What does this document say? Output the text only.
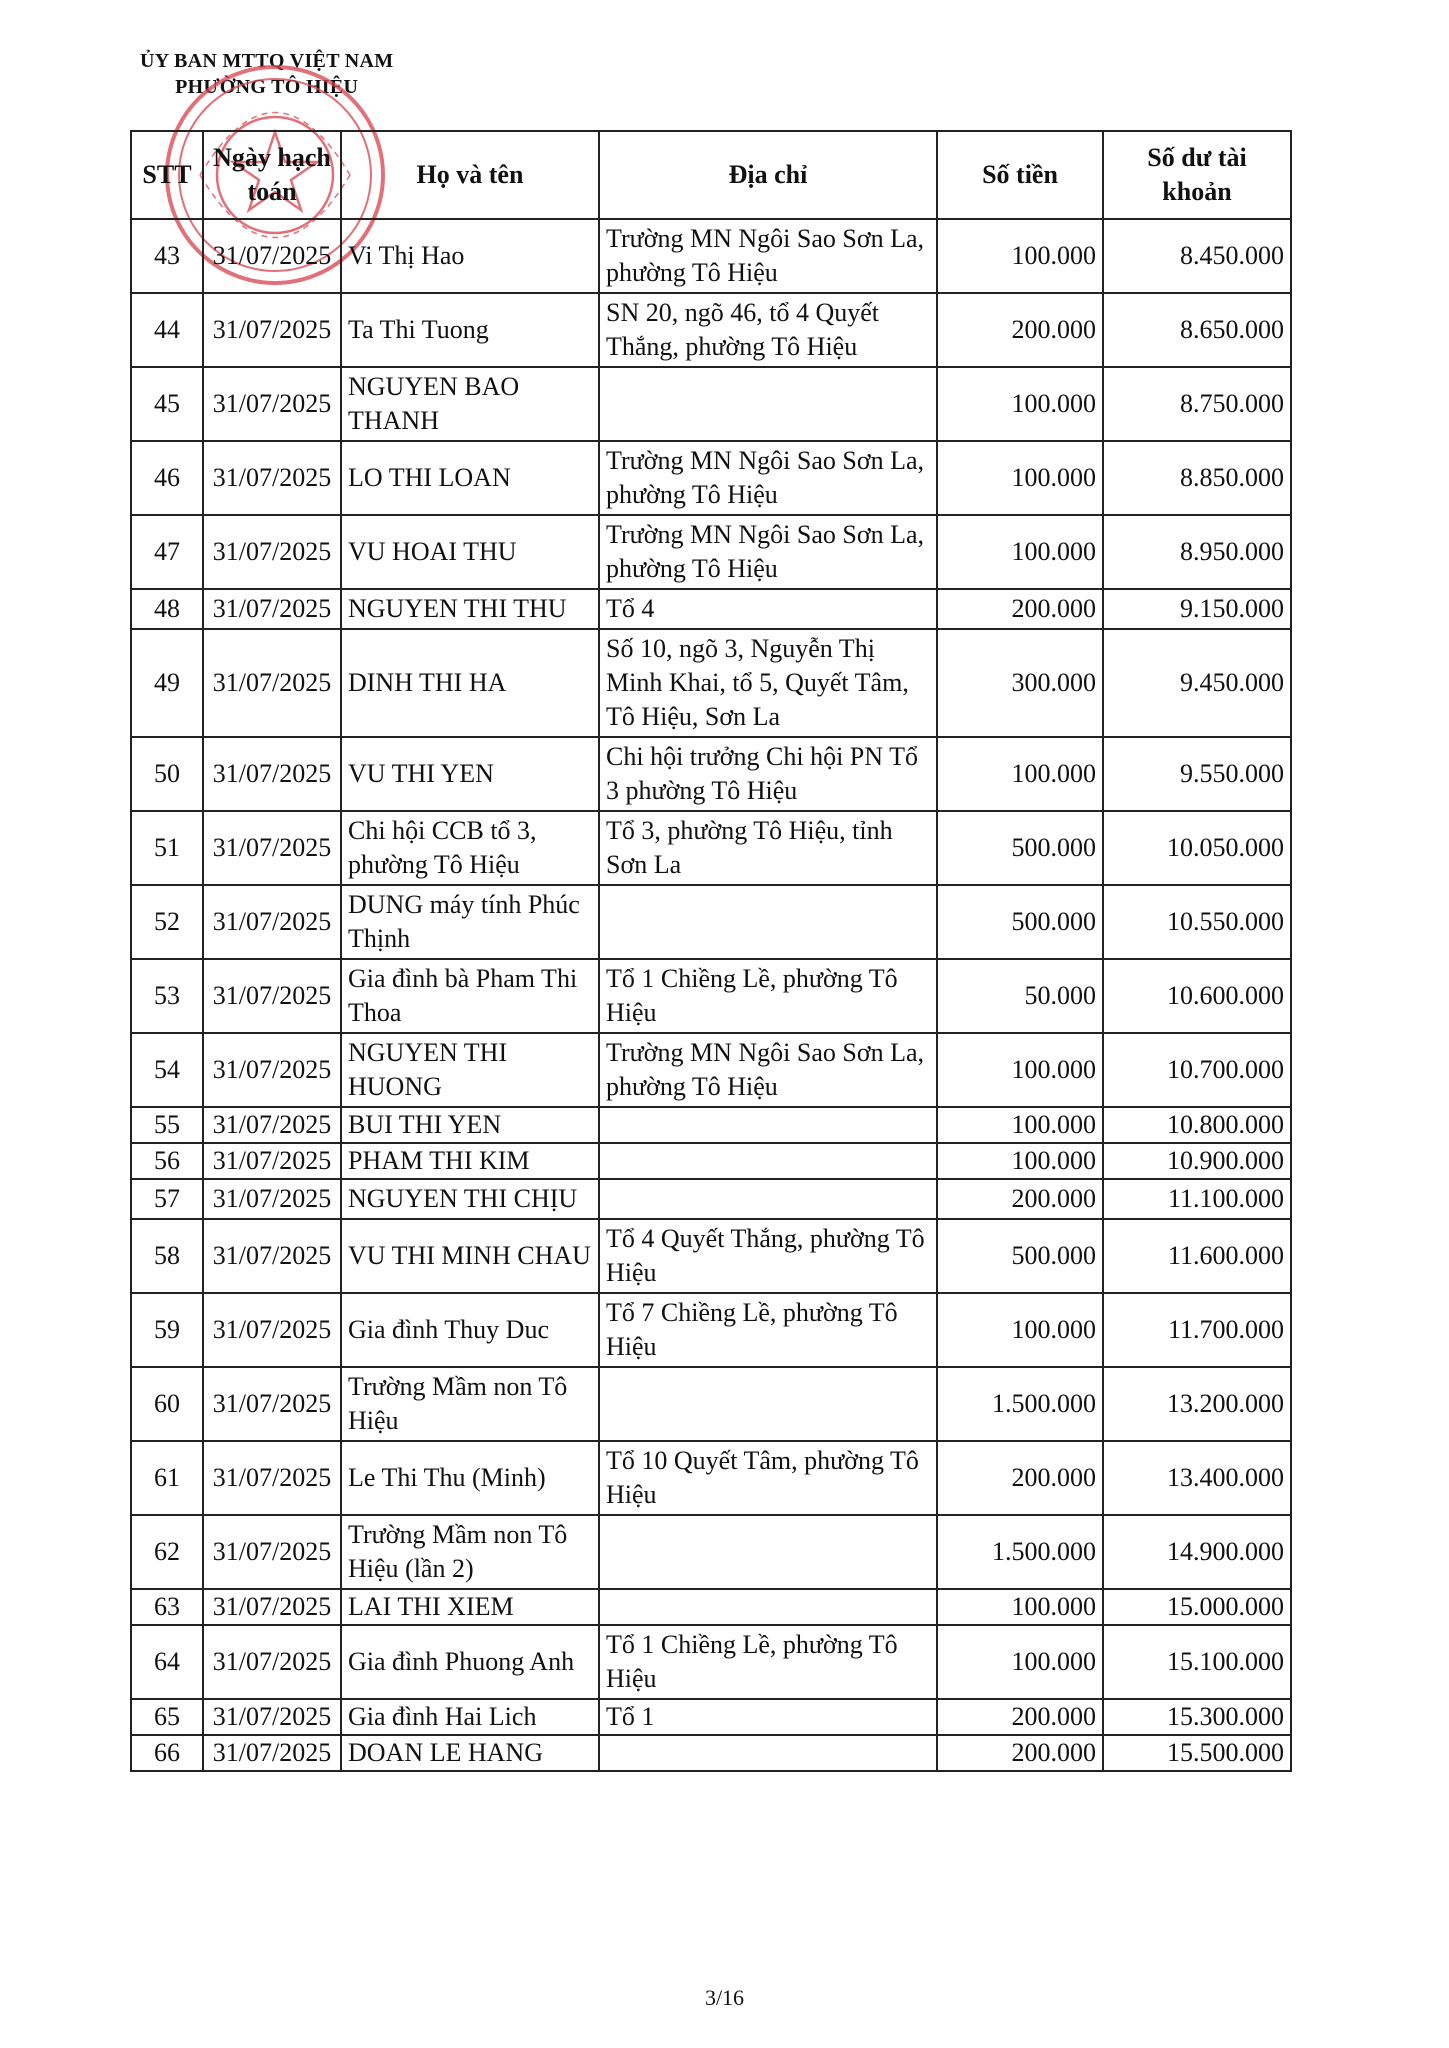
ỦY BAN MTTQ VIỆT NAM
PHƯỜNG TÔ HIỆU
STT	Ngày hạch toán	Họ và tên	Địa chỉ	Số tiền	Số dư tài khoản
43	31/07/2025	Vi Thị Hao	Trường MN Ngôi Sao Sơn La, phường Tô Hiệu	100.000	8.450.000
44	31/07/2025	Ta Thi Tuong	SN 20, ngõ 46, tổ 4 Quyết Thắng, phường Tô Hiệu	200.000	8.650.000
45	31/07/2025	NGUYEN BAO THANH		100.000	8.750.000
46	31/07/2025	LO THI LOAN	Trường MN Ngôi Sao Sơn La, phường Tô Hiệu	100.000	8.850.000
47	31/07/2025	VU HOAI THU	Trường MN Ngôi Sao Sơn La, phường Tô Hiệu	100.000	8.950.000
48	31/07/2025	NGUYEN THI THU	Tổ 4	200.000	9.150.000
49	31/07/2025	DINH THI HA	Số 10, ngõ 3, Nguyễn Thị Minh Khai, tổ 5, Quyết Tâm, Tô Hiệu, Sơn La	300.000	9.450.000
50	31/07/2025	VU THI YEN	Chi hội trưởng Chi hội PN Tổ 3 phường Tô Hiệu	100.000	9.550.000
51	31/07/2025	Chi hội CCB tổ 3, phường Tô Hiệu	Tổ 3, phường Tô Hiệu, tỉnh Sơn La	500.000	10.050.000
52	31/07/2025	DUNG máy tính Phúc Thịnh		500.000	10.550.000
53	31/07/2025	Gia đình bà Pham Thi Thoa	Tổ 1 Chiềng Lề, phường Tô Hiệu	50.000	10.600.000
54	31/07/2025	NGUYEN THI HUONG	Trường MN Ngôi Sao Sơn La, phường Tô Hiệu	100.000	10.700.000
55	31/07/2025	BUI THI YEN		100.000	10.800.000
56	31/07/2025	PHAM THI KIM		100.000	10.900.000
57	31/07/2025	NGUYEN THI CHỊU		200.000	11.100.000
58	31/07/2025	VU THI MINH CHAU	Tổ 4 Quyết Thắng, phường Tô Hiệu	500.000	11.600.000
59	31/07/2025	Gia đình Thuy Duc	Tổ 7 Chiềng Lề, phường Tô Hiệu	100.000	11.700.000
60	31/07/2025	Trường Mầm non Tô Hiệu		1.500.000	13.200.000
61	31/07/2025	Le Thi Thu (Minh)	Tổ 10 Quyết Tâm, phường Tô Hiệu	200.000	13.400.000
62	31/07/2025	Trường Mầm non Tô Hiệu (lần 2)		1.500.000	14.900.000
63	31/07/2025	LAI THI XIEM		100.000	15.000.000
64	31/07/2025	Gia đình Phuong Anh	Tổ 1 Chiềng Lề, phường Tô Hiệu	100.000	15.100.000
65	31/07/2025	Gia đình Hai Lich	Tổ 1	200.000	15.300.000
66	31/07/2025	DOAN LE HANG		200.000	15.500.000
3/16
